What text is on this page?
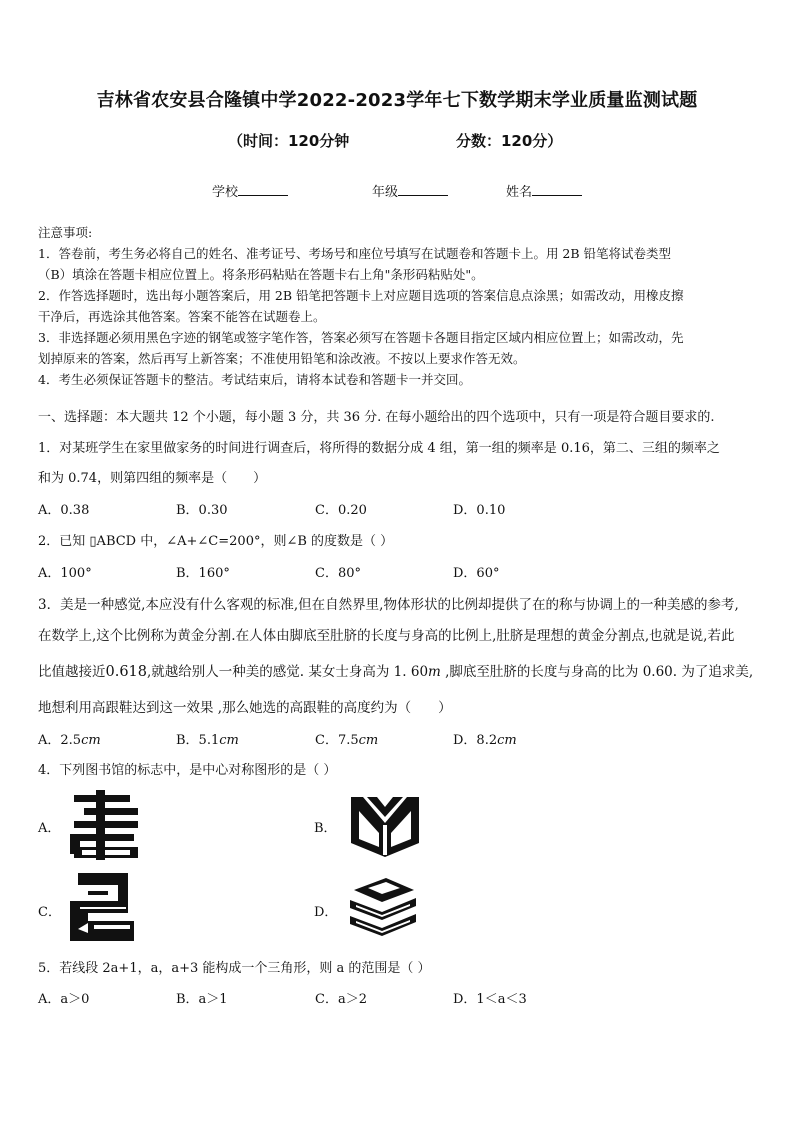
吉林省农安县合隆镇中学2022-2023学年七下数学期末学业质量监测试题
（时间：120分钟	分数：120分）
学校	年级	姓名

注意事项:

1．答卷前，考生务必将自己的姓名、准考证号、考场号和座位号填写在试题卷和答题卡上。用 2B 铅笔将试卷类型

（B）填涂在答题卡相应位置上。将条形码粘贴在答题卡右上角"条形码粘贴处"。

2．作答选择题时，选出每小题答案后，用 2B 铅笔把答题卡上对应题目选项的答案信息点涂黑；如需改动，用橡皮擦

干净后，再选涂其他答案。答案不能答在试题卷上。

3．非选择题必须用黑色字迹的钢笔或签字笔作答，答案必须写在答题卡各题目指定区域内相应位置上；如需改动，先

划掉原来的答案，然后再写上新答案；不准使用铅笔和涂改液。不按以上要求作答无效。

4．考生必须保证答题卡的整洁。考试结束后，请将本试卷和答题卡一并交回。

一、选择题：本大题共 12 个小题，每小题 3 分，共 36 分. 在每小题给出的四个选项中，只有一项是符合题目要求的.
1．对某班学生在家里做家务的时间进行调查后，将所得的数据分成 4 组，第一组的频率是 0.16，第二、三组的频率之
和为 0.74，则第四组的频率是（　　）
A．0.38	B．0.30	C．0.20	D．0.10
2．已知 ▯ABCD 中，∠A+∠C=200°，则∠B 的度数是（ ）
A．100°	B．160°	C．80°	D．60°
3．美是一种感觉,本应没有什么客观的标准,但在自然界里,物体形状的比例却提供了在的称与协调上的一种美感的参考,
在数学上,这个比例称为黄金分割.在人体由脚底至肚脐的长度与身高的比例上,肚脐是理想的黄金分割点,也就是说,若此
比值越接近0.618,就越给别人一种美的感觉. 某女士身高为 1. 60m ,脚底至肚脐的长度与身高的比为 0.60. 为了追求美,
地想利用高跟鞋达到这一效果 ,那么她选的高跟鞋的高度约为（　　）
A．2.5cm	B．5.1cm	C．7.5cm	D．8.2cm
4．下列图书馆的标志中，是中心对称图形的是（ ）
A．	B．
C．	D．
5．若线段 2a+1，a，a+3 能构成一个三角形，则 a 的范围是（ ）
A．a＞0	B．a＞1	C．a＞2	D．1＜a＜3
